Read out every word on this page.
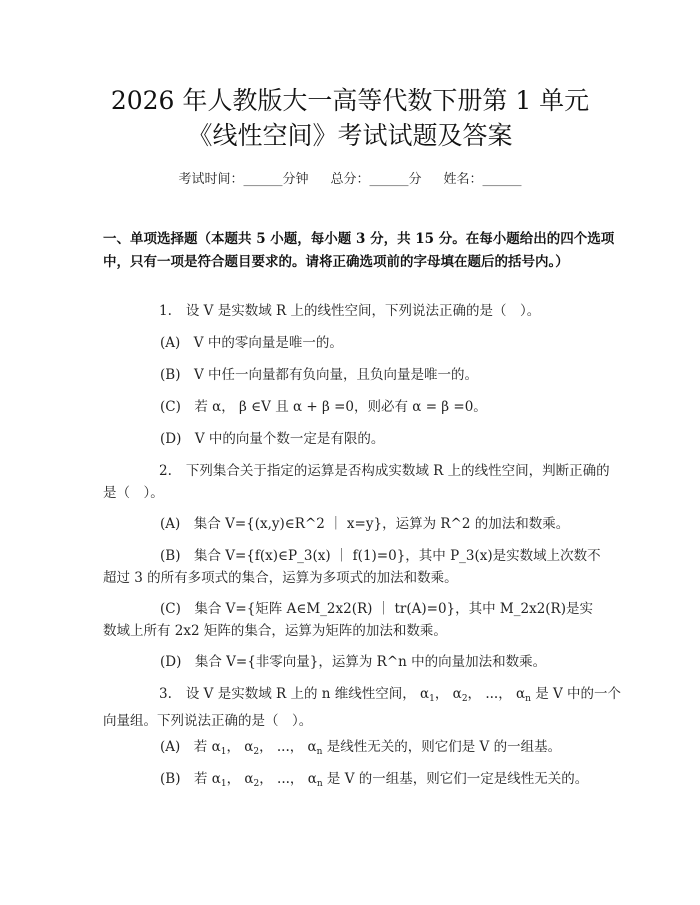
2026 年人教版大一高等代数下册第 1 单元
《线性空间》考试试题及答案
考试时间：______分钟 总分：______分 姓名：______
一、单项选择题（本题共 5 小题，每小题 3 分，共 15 分。在每小题给出的四个选项中，只有一项是符合题目要求的。请将正确选项前的字母填在题后的括号内。）
1. 设 V 是实数域 R 上的线性空间，下列说法正确的是（　）。
(A)　V 中的零向量是唯一的。
(B)　V 中任一向量都有负向量，且负向量是唯一的。
(C)　若 α， β ∈V 且 α + β =0，则必有 α = β =0。
(D)　V 中的向量个数一定是有限的。
2. 下列集合关于指定的运算是否构成实数域 R 上的线性空间，判断正确的是（　）。
(A)　集合 V={(x,y)∈R^2 ｜ x=y}，运算为 R^2 的加法和数乘。
(B)　集合 V={f(x)∈P_3(x) ｜ f(1)=0}，其中 P_3(x)是实数域上次数不超过 3 的所有多项式的集合，运算为多项式的加法和数乘。
(C)　集合 V={矩阵 A∈M_2x2(R) ｜ tr(A)=0}，其中 M_2x2(R)是实数域上所有 2x2 矩阵的集合，运算为矩阵的加法和数乘。
(D)　集合 V={非零向量}，运算为 R^n 中的向量加法和数乘。
3. 设 V 是实数域 R 上的 n 维线性空间， $\alpha_1$， $\alpha_2$， ...， $\alpha_n$ 是 V 中的一个向量组。下列说法正确的是（　）。
(A)　若 $\alpha_1$， $\alpha_2$， ...， $\alpha_n$ 是线性无关的，则它们是 V 的一组基。
(B)　若 $\alpha_1$， $\alpha_2$， ...， $\alpha_n$ 是 V 的一组基，则它们一定是线性无关的。
